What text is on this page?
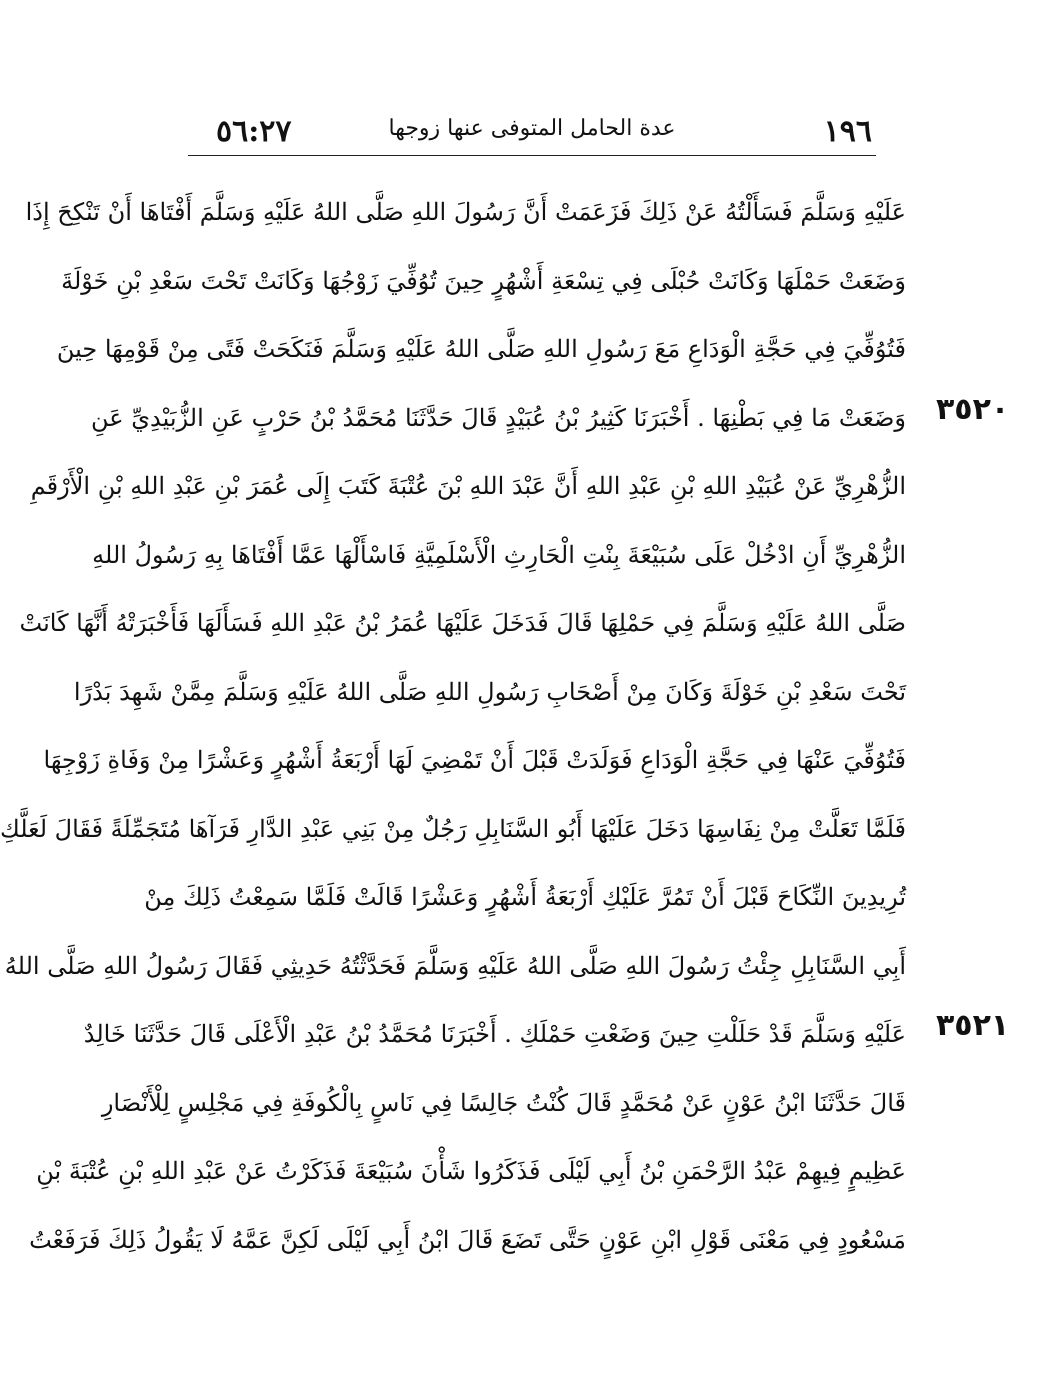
١٩٦
عدة الحامل المتوفى عنها زوجها
٥٦:٢٧
٣٥٢٠
٣٥٢١
عَلَيْهِ وَسَلَّمَ فَسَأَلْتُهُ عَنْ ذَلِكَ فَزَعَمَتْ أَنَّ رَسُولَ اللهِ صَلَّى اللهُ عَلَيْهِ وَسَلَّمَ أَفْتَاهَا أَنْ تَنْكِحَ إِذَا
وَضَعَتْ حَمْلَهَا وَكَانَتْ حُبْلَى فِي تِسْعَةِ أَشْهُرٍ حِينَ تُوُفِّيَ زَوْجُهَا وَكَانَتْ تَحْتَ سَعْدِ بْنِ خَوْلَةَ
فَتُوُفِّيَ فِي حَجَّةِ الْوَدَاعِ مَعَ رَسُولِ اللهِ صَلَّى اللهُ عَلَيْهِ وَسَلَّمَ فَنَكَحَتْ فَتًى مِنْ قَوْمِهَا حِينَ
وَضَعَتْ مَا فِي بَطْنِهَا . أَخْبَرَنَا كَثِيرُ بْنُ عُبَيْدٍ قَالَ حَدَّثَنَا مُحَمَّدُ بْنُ حَرْبٍ عَنِ الزُّبَيْدِيِّ عَنِ
الزُّهْرِيِّ عَنْ عُبَيْدِ اللهِ بْنِ عَبْدِ اللهِ أَنَّ عَبْدَ اللهِ بْنَ عُتْبَةَ كَتَبَ إِلَى عُمَرَ بْنِ عَبْدِ اللهِ بْنِ الْأَرْقَمِ
الزُّهْرِيِّ أَنِ ادْخُلْ عَلَى سُبَيْعَةَ بِنْتِ الْحَارِثِ الْأَسْلَمِيَّةِ فَاسْأَلْهَا عَمَّا أَفْتَاهَا بِهِ رَسُولُ اللهِ
صَلَّى اللهُ عَلَيْهِ وَسَلَّمَ فِي حَمْلِهَا قَالَ فَدَخَلَ عَلَيْهَا عُمَرُ بْنُ عَبْدِ اللهِ فَسَأَلَهَا فَأَخْبَرَتْهُ أَنَّهَا كَانَتْ
تَحْتَ سَعْدِ بْنِ خَوْلَةَ وَكَانَ مِنْ أَصْحَابِ رَسُولِ اللهِ صَلَّى اللهُ عَلَيْهِ وَسَلَّمَ مِمَّنْ شَهِدَ بَدْرًا
فَتُوُفِّيَ عَنْهَا فِي حَجَّةِ الْوَدَاعِ فَوَلَدَتْ قَبْلَ أَنْ تَمْضِيَ لَهَا أَرْبَعَةُ أَشْهُرٍ وَعَشْرًا مِنْ وَفَاةِ زَوْجِهَا
فَلَمَّا تَعَلَّتْ مِنْ نِفَاسِهَا دَخَلَ عَلَيْهَا أَبُو السَّنَابِلِ رَجُلٌ مِنْ بَنِي عَبْدِ الدَّارِ فَرَآهَا مُتَجَمِّلَةً فَقَالَ لَعَلَّكِ
تُرِيدِينَ النِّكَاحَ قَبْلَ أَنْ تَمُرَّ عَلَيْكِ أَرْبَعَةُ أَشْهُرٍ وَعَشْرًا قَالَتْ فَلَمَّا سَمِعْتُ ذَلِكَ مِنْ
أَبِي السَّنَابِلِ جِئْتُ رَسُولَ اللهِ صَلَّى اللهُ عَلَيْهِ وَسَلَّمَ فَحَدَّثْتُهُ حَدِيثِي فَقَالَ رَسُولُ اللهِ صَلَّى اللهُ
عَلَيْهِ وَسَلَّمَ قَدْ حَلَلْتِ حِينَ وَضَعْتِ حَمْلَكِ . أَخْبَرَنَا مُحَمَّدُ بْنُ عَبْدِ الْأَعْلَى قَالَ حَدَّثَنَا خَالِدٌ
قَالَ حَدَّثَنَا ابْنُ عَوْنٍ عَنْ مُحَمَّدٍ قَالَ كُنْتُ جَالِسًا فِي نَاسٍ بِالْكُوفَةِ فِي مَجْلِسٍ لِلْأَنْصَارِ
عَظِيمٍ فِيهِمْ عَبْدُ الرَّحْمَنِ بْنُ أَبِي لَيْلَى فَذَكَرُوا شَأْنَ سُبَيْعَةَ فَذَكَرْتُ عَنْ عَبْدِ اللهِ بْنِ عُتْبَةَ بْنِ
مَسْعُودٍ فِي مَعْنَى قَوْلِ ابْنِ عَوْنٍ حَتَّى تَضَعَ قَالَ ابْنُ أَبِي لَيْلَى لَكِنَّ عَمَّهُ لَا يَقُولُ ذَلِكَ فَرَفَعْتُ
